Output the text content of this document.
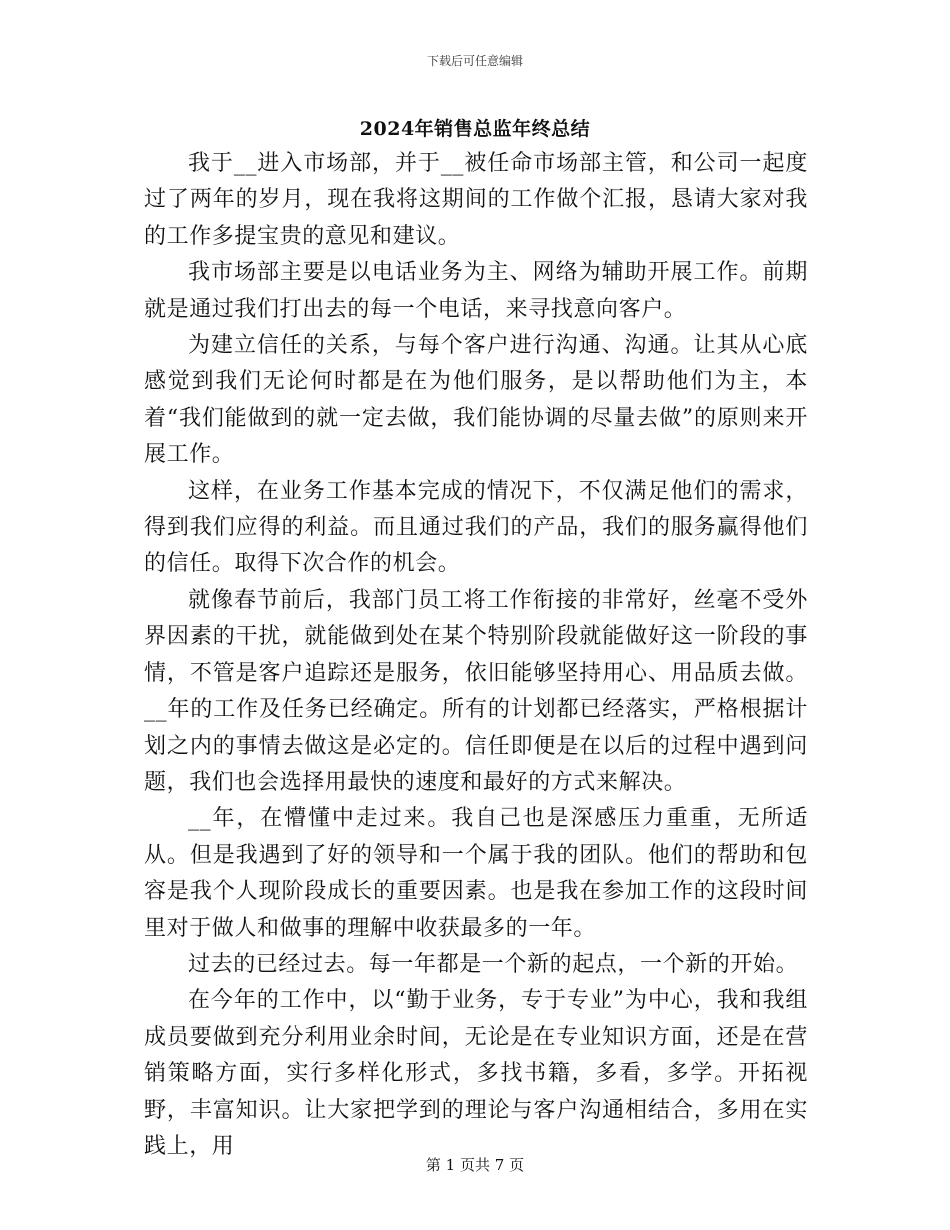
下载后可任意编辑
2024年销售总监年终总结

我于__进入市场部，并于__被任命市场部主管，和公司一起度过了两年的岁月，现在我将这期间的工作做个汇报，恳请大家对我的工作多提宝贵的意见和建议。

我市场部主要是以电话业务为主、网络为辅助开展工作。前期就是通过我们打出去的每一个电话，来寻找意向客户。

为建立信任的关系，与每个客户进行沟通、沟通。让其从心底感觉到我们无论何时都是在为他们服务，是以帮助他们为主，本着“我们能做到的就一定去做，我们能协调的尽量去做”的原则来开展工作。

这样，在业务工作基本完成的情况下，不仅满足他们的需求，得到我们应得的利益。而且通过我们的产品，我们的服务赢得他们的信任。取得下次合作的机会。

就像春节前后，我部门员工将工作衔接的非常好，丝毫不受外界因素的干扰，就能做到处在某个特别阶段就能做好这一阶段的事情，不管是客户追踪还是服务，依旧能够坚持用心、用品质去做。__年的工作及任务已经确定。所有的计划都已经落实，严格根据计划之内的事情去做这是必定的。信任即便是在以后的过程中遇到问题，我们也会选择用最快的速度和最好的方式来解决。

__年，在懵懂中走过来。我自己也是深感压力重重，无所适从。但是我遇到了好的领导和一个属于我的团队。他们的帮助和包容是我个人现阶段成长的重要因素。也是我在参加工作的这段时间里对于做人和做事的理解中收获最多的一年。

过去的已经过去。每一年都是一个新的起点，一个新的开始。

在今年的工作中，以“勤于业务，专于专业”为中心，我和我组成员要做到充分利用业余时间，无论是在专业知识方面，还是在营销策略方面，实行多样化形式，多找书籍，多看，多学。开拓视野，丰富知识。让大家把学到的理论与客户沟通相结合，多用在实践上，用

第 1 页共 7 页
